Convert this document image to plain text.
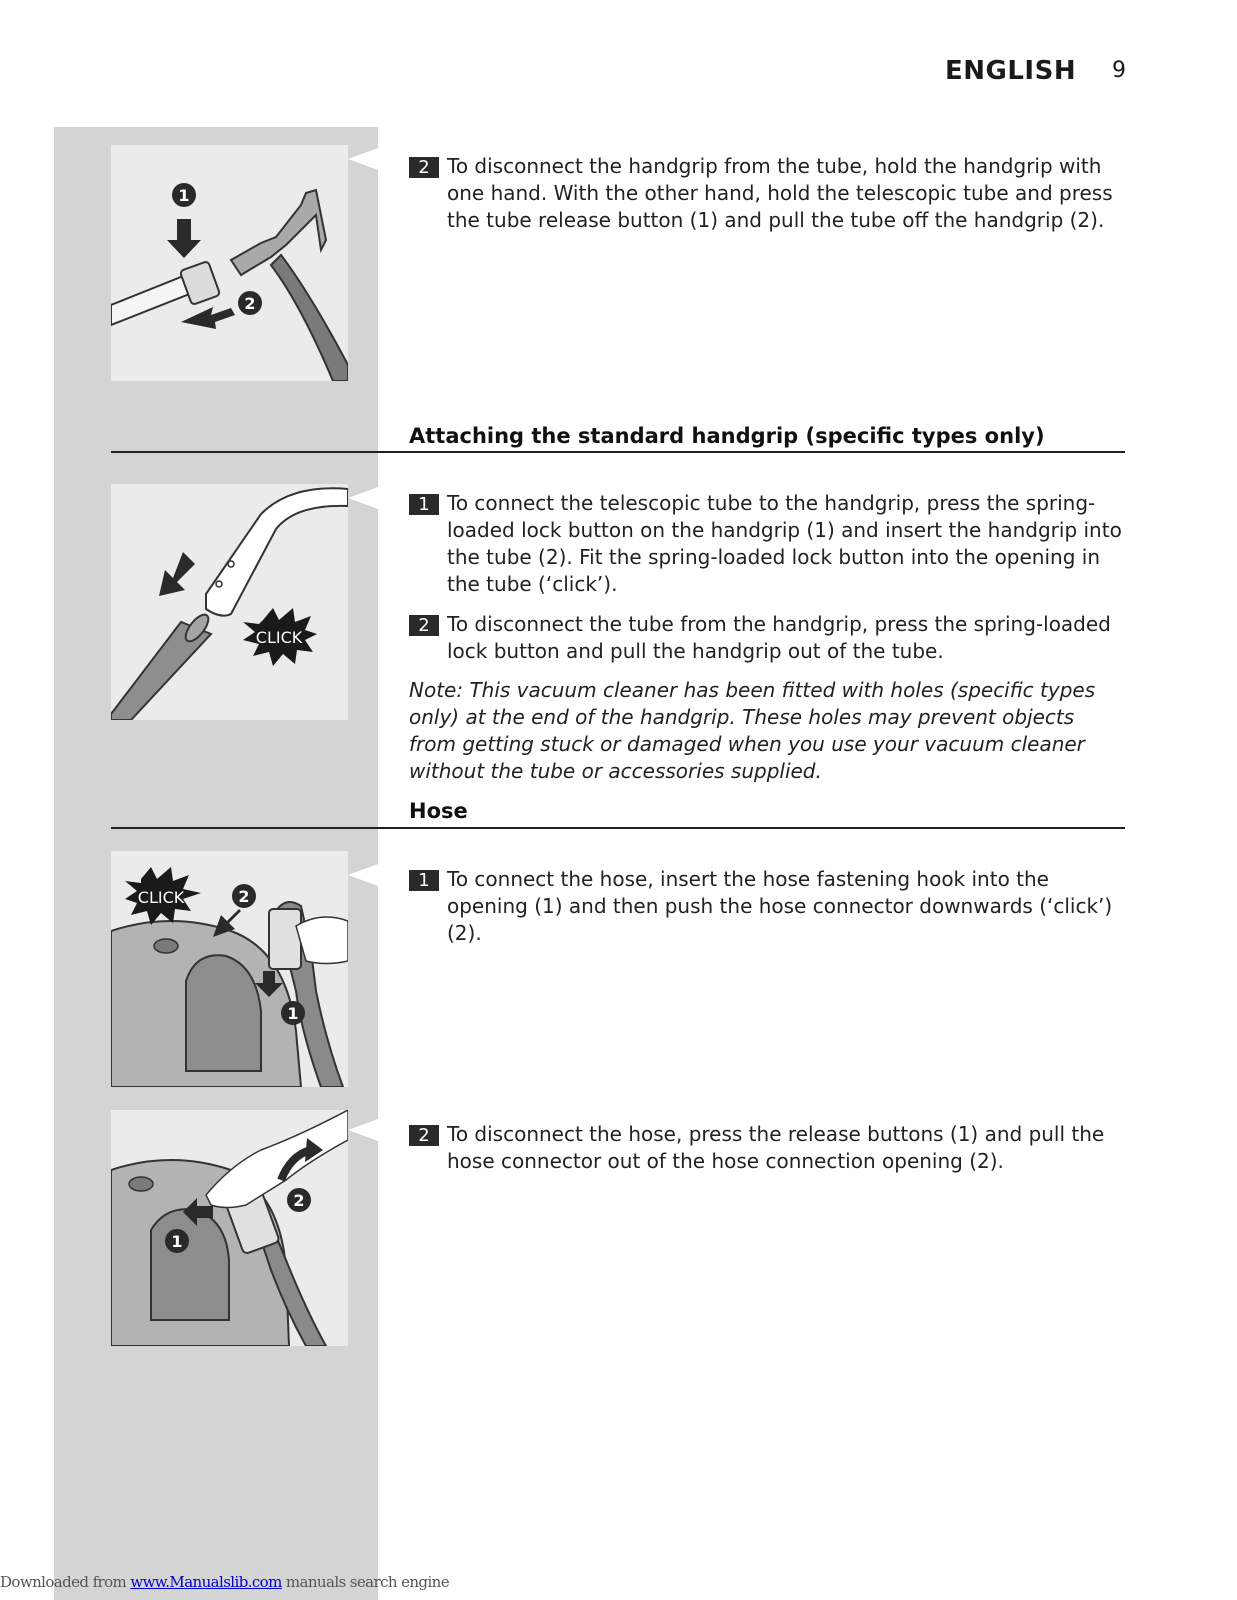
ENGLISH 9
1
2
2 To disconnect the handgrip from the tube, hold the handgrip with one hand. With the other hand, hold the telescopic tube and press the tube release button (1) and pull the tube off the handgrip (2).
Attaching the standard handgrip (specific types only)
CLICK
1 To connect the telescopic tube to the handgrip, press the spring-loaded lock button on the handgrip (1) and insert the handgrip into the tube (2). Fit the spring-loaded lock button into the opening in the tube (‘click’).
2 To disconnect the tube from the handgrip, press the spring-loaded lock button and pull the handgrip out of the tube.
Note: This vacuum cleaner has been fitted with holes (specific types only) at the end of the handgrip. These holes may prevent objects from getting stuck or damaged when you use your vacuum cleaner without the tube or accessories supplied.
Hose
CLICK	2
1
1 To connect the hose, insert the hose fastening hook into the opening (1) and then push the hose connector downwards (‘click’) (2).
2
1
2 To disconnect the hose, press the release buttons (1) and pull the hose connector out of the hose connection opening (2).
Downloaded from www.Manualslib.com manuals search engine
